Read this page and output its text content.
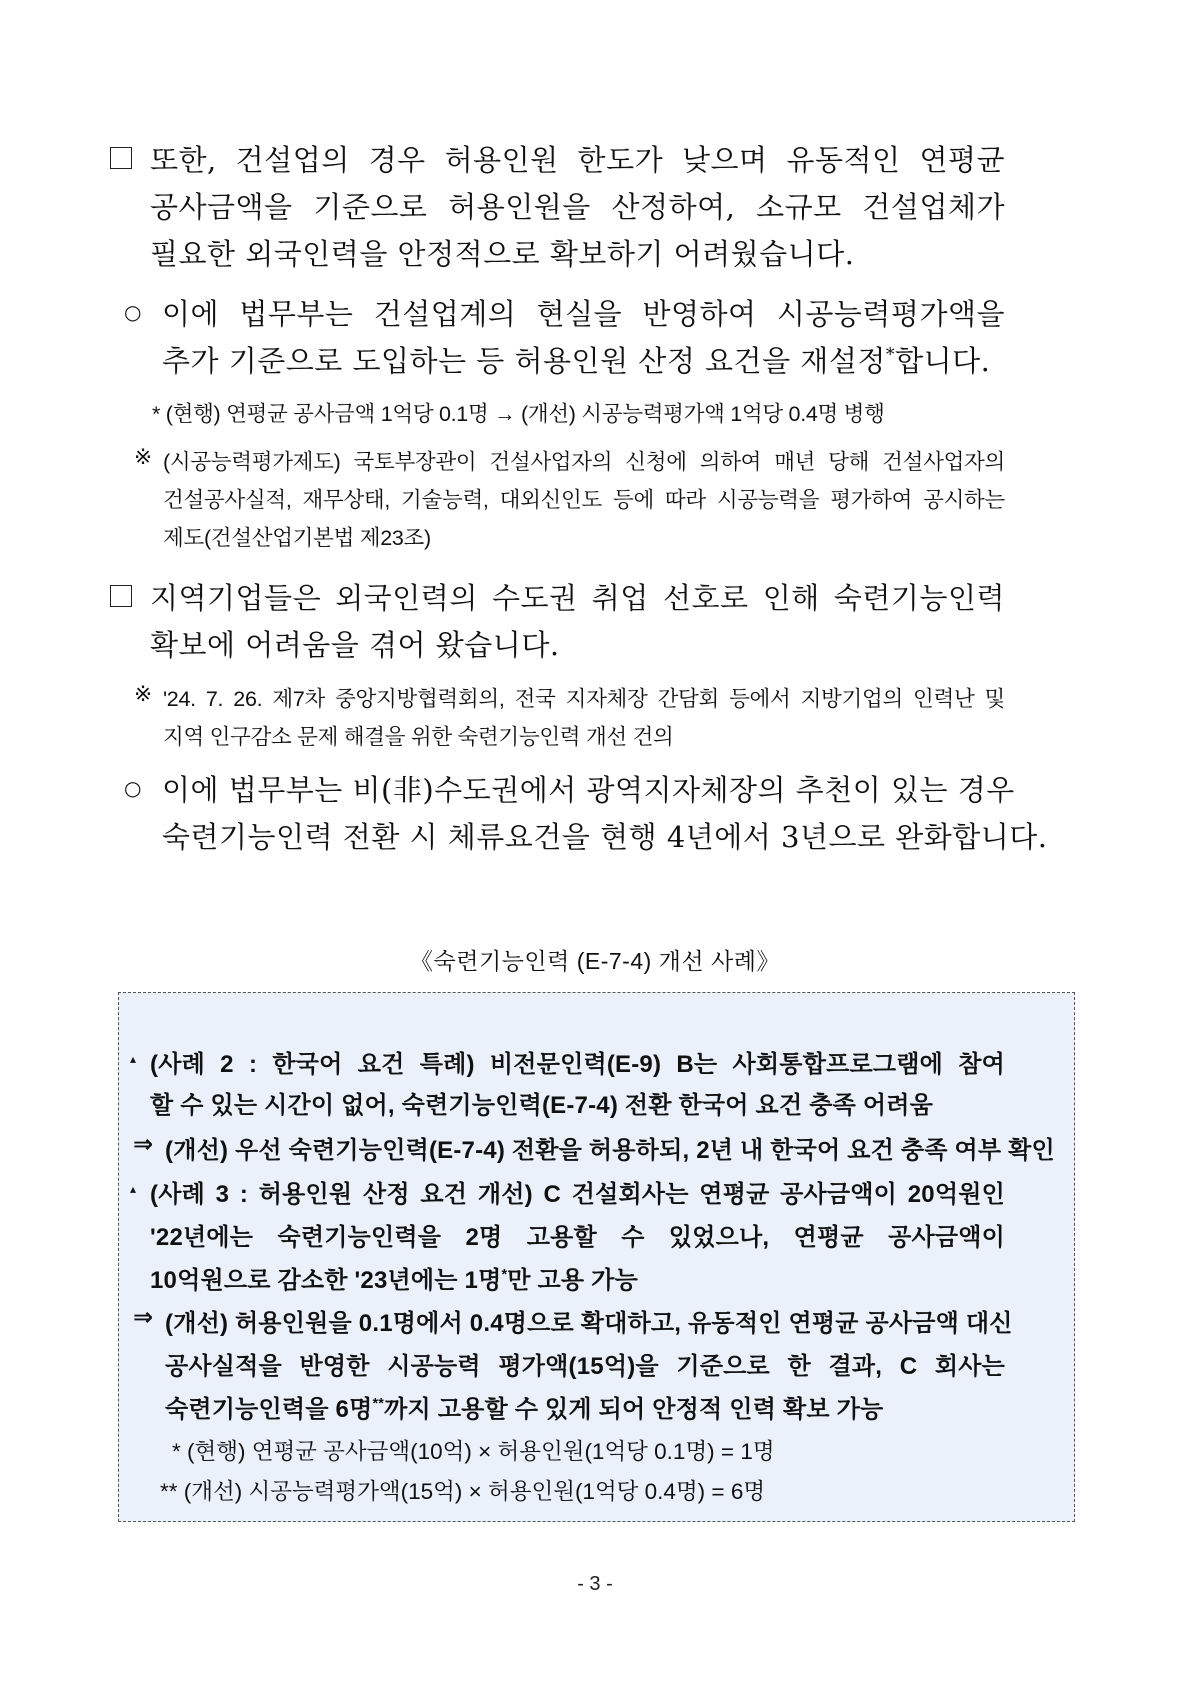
또한, 건설업의 경우 허용인원 한도가 낮으며 유동적인 연평균
공사금액을 기준으로 허용인원을 산정하여, 소규모 건설업체가
필요한 외국인력을 안정적으로 확보하기 어려웠습니다.
○ 이에 법무부는 건설업계의 현실을 반영하여 시공능력평가액을
추가 기준으로 도입하는 등 허용인원 산정 요건을 재설정*합니다.
* (현행) 연평균 공사금액 1억당 0.1명 → (개선) 시공능력평가액 1억당 0.4명 병행
※ (시공능력평가제도) 국토부장관이 건설사업자의 신청에 의하여 매년 당해 건설사업자의
건설공사실적, 재무상태, 기술능력, 대외신인도 등에 따라 시공능력을 평가하여 공시하는
제도(건설산업기본법 제23조)
지역기업들은 외국인력의 수도권 취업 선호로 인해 숙련기능인력
확보에 어려움을 겪어 왔습니다.
※ '24. 7. 26. 제7차 중앙지방협력회의, 전국 지자체장 간담회 등에서 지방기업의 인력난 및
지역 인구감소 문제 해결을 위한 숙련기능인력 개선 건의
○ 이에 법무부는 비(非)수도권에서 광역지자체장의 추천이 있는 경우
숙련기능인력 전환 시 체류요건을 현행 4년에서 3년으로 완화합니다.
《숙련기능인력 (E-7-4) 개선 사례》
▴ (사례 2 : 한국어 요건 특례) 비전문인력(E-9) B는 사회통합프로그램에 참여
할 수 있는 시간이 없어, 숙련기능인력(E-7-4) 전환 한국어 요건 충족 어려움
⇒ (개선) 우선 숙련기능인력(E-7-4) 전환을 허용하되, 2년 내 한국어 요건 충족 여부 확인
▴ (사례 3 : 허용인원 산정 요건 개선) C 건설회사는 연평균 공사금액이 20억원인
'22년에는 숙련기능인력을 2명 고용할 수 있었으나, 연평균 공사금액이
10억원으로 감소한 '23년에는 1명*만 고용 가능
⇒ (개선) 허용인원을 0.1명에서 0.4명으로 확대하고, 유동적인 연평균 공사금액 대신
공사실적을 반영한 시공능력 평가액(15억)을 기준으로 한 결과, C 회사는
숙련기능인력을 6명**까지 고용할 수 있게 되어 안정적 인력 확보 가능
* (현행) 연평균 공사금액(10억) × 허용인원(1억당 0.1명) = 1명
** (개선) 시공능력평가액(15억) × 허용인원(1억당 0.4명) = 6명
- 3 -
